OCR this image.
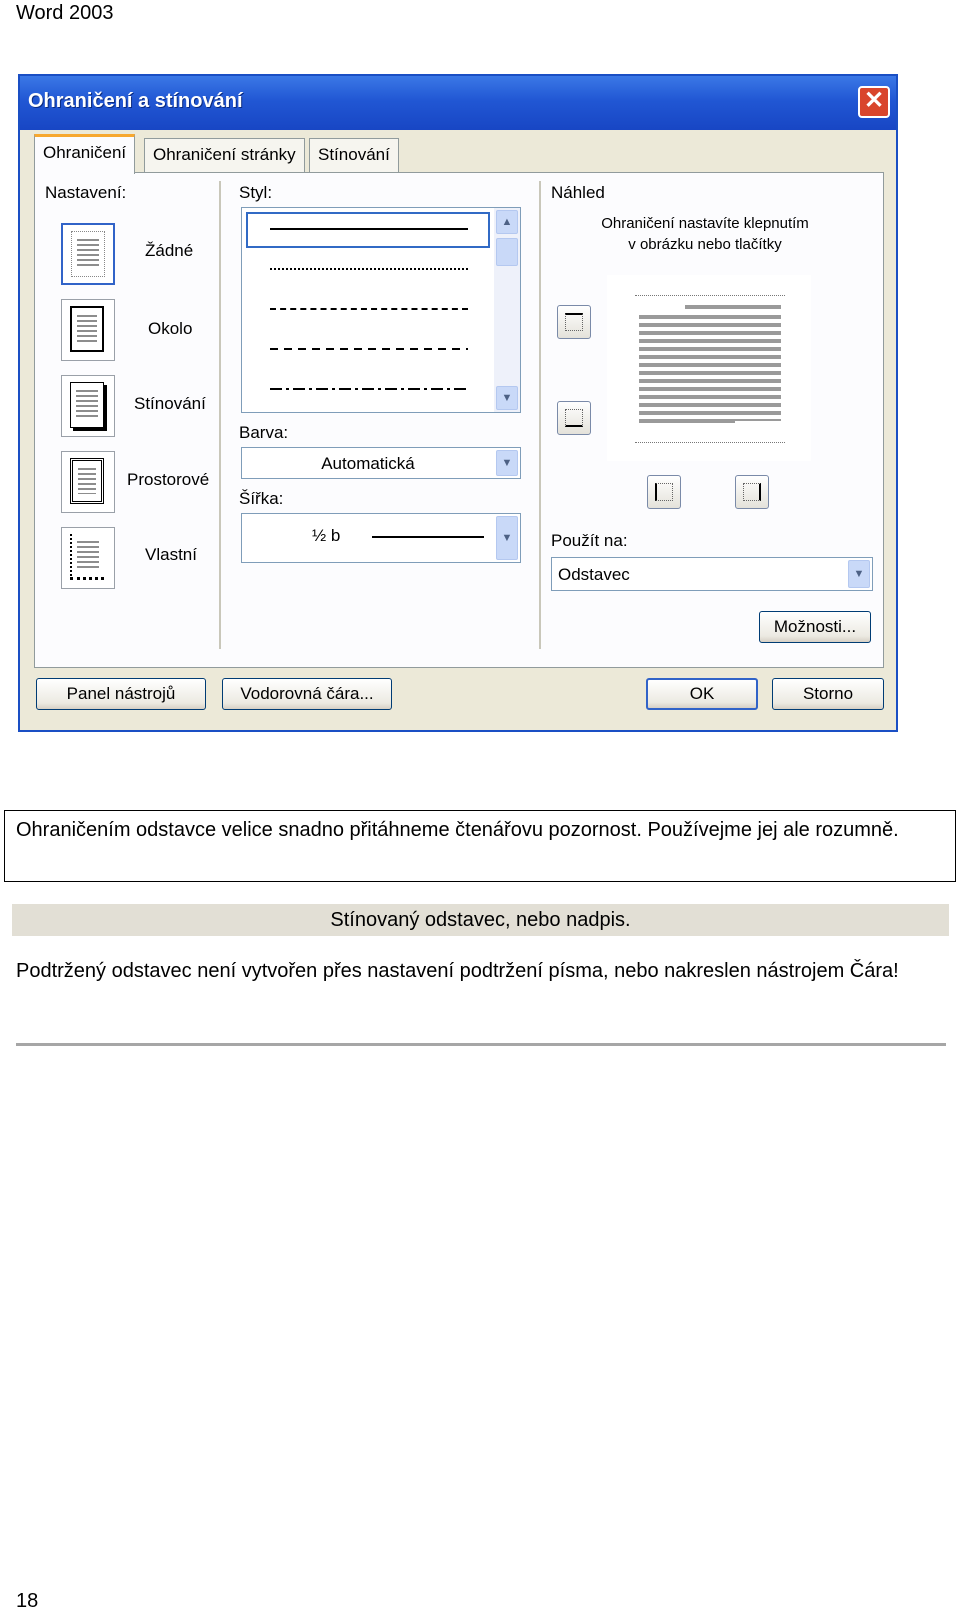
Word 2003
Ohraničení a stínování	✕
Ohraničení	Ohraničení stránky	Stínování
Nastavení:
Žádné
Okolo
Stínování
Prostorové
Vlastní
Styl:
▲
▼
Barva:
Automatická	▼
Šířka:
½ b	▼
Náhled
Ohraničení nastavíte klepnutím
v obrázku nebo tlačítky
Použít na:
Odstavec	▼
Možnosti...
Panel nástrojů	Vodorovná čára...	OK	Storno
Ohraničením odstavce velice snadno přitáhneme čtenářovu pozornost. Používejme jej ale rozumně.
Stínovaný odstavec, nebo nadpis.
Podtržený odstavec není vytvořen přes nastavení podtržení písma, nebo nakreslen nástrojem Čára!
18
